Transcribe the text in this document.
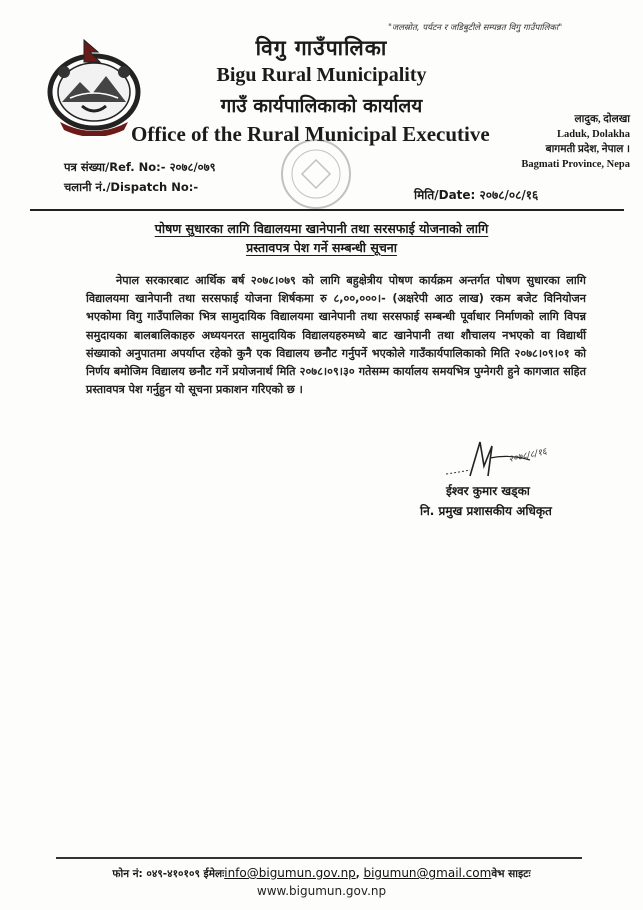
"जलस्रोत, पर्यटन र जडिबुटीले सम्पन्नत विगु गाउँपालिका"
विगु गाउँपालिका
Bigu Rural Municipality
गाउँ कार्यपालिकाको कार्यालय
Office of the Rural Municipal Executive
लादुक, दोलखा
Laduk, Dolakha
बागमती प्रदेश, नेपाल ।
Bagmati Province, Nepa
पत्र संख्या/Ref. No:- २०७८/०७९
चलानी नं./Dispatch No:-
मिति/Date: २०७८/०८/१६
पोषण सुधारका लागि विद्यालयमा खानेपानी तथा सरसफाई योजनाको लागि
प्रस्तावपत्र पेश गर्ने सम्बन्धी सूचना
नेपाल सरकारबाट आर्थिक बर्ष २०७८।०७९ को लागि बहुक्षेत्रीय पोषण कार्यक्रम अन्तर्गत पोषण सुधारका लागि विद्यालयमा खानेपानी तथा सरसफाई योजना शिर्षकमा रु ८,००,०००।- (अक्षरेपी आठ लाख) रकम बजेट विनियोजन भएकोमा विगु गाउँपालिका भित्र सामुदायिक विद्यालयमा खानेपानी तथा सरसफाई सम्बन्धी पूर्वाधार निर्माणको लागि विपन्न समुदायका बालबालिकाहरु अध्ययनरत सामुदायिक विद्यालयहरुमध्ये बाट खानेपानी तथा शौचालय नभएको वा विद्यार्थी संख्याको अनुपातमा अपर्याप्त रहेको कुनै एक विद्यालय छनौट गर्नुपर्ने भएकोले गाउँकार्यपालिकाको मिति २०७८।०९।०१ को निर्णय बमोजिम विद्यालय छनौट गर्ने प्रयोजनार्थ मिति २०७८।०९।३० गतेसम्म कार्यालय समयभित्र पुग्नेगरी हुने कागजात सहित प्रस्तावपत्र पेश गर्नुहुन यो सूचना प्रकाशन गरिएको छ ।
२०७८/८/१६
ईश्वर कुमार खड्का
नि. प्रमुख प्रशासकीय अधिकृत
फोन नं: ०४९-४१०१०९ ईमेलःinfo@bigumun.gov.np, bigumun@gmail.comवेभ साइटः
www.bigumun.gov.np
